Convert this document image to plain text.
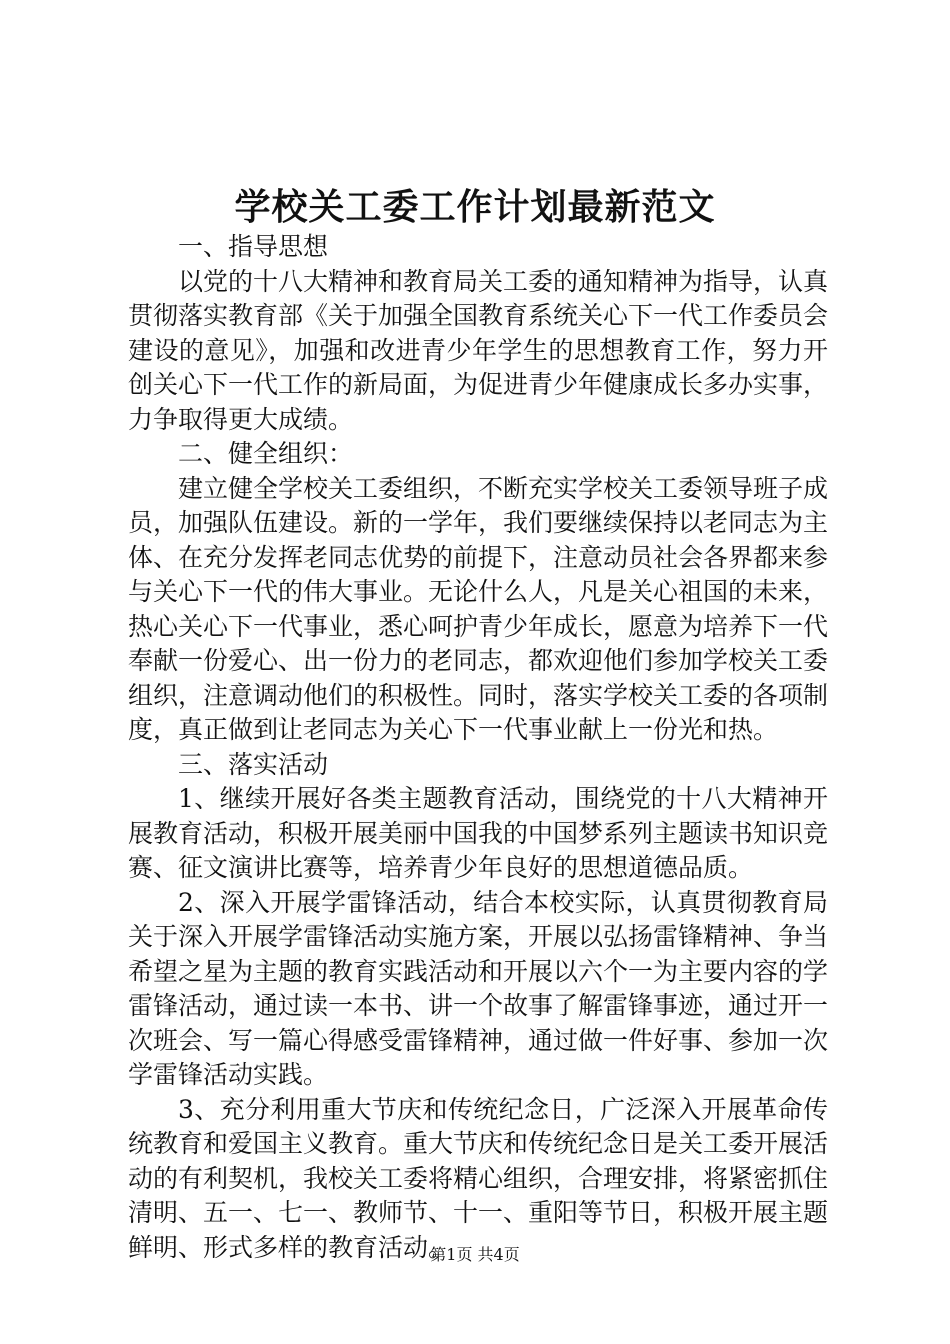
学校关工委工作计划最新范文

一、指导思想

以党的十八大精神和教育局关工委的通知精神为指导，认真贯彻落实教育部《关于加强全国教育系统关心下一代工作委员会建设的意见》，加强和改进青少年学生的思想教育工作，努力开创关心下一代工作的新局面，为促进青少年健康成长多办实事，力争取得更大成绩。

二、健全组织：

建立健全学校关工委组织，不断充实学校关工委领导班子成员，加强队伍建设。新的一学年，我们要继续保持以老同志为主体、在充分发挥老同志优势的前提下，注意动员社会各界都来参与关心下一代的伟大事业。无论什么人，凡是关心祖国的未来，热心关心下一代事业，悉心呵护青少年成长，愿意为培养下一代奉献一份爱心、出一份力的老同志，都欢迎他们参加学校关工委组织，注意调动他们的积极性。同时，落实学校关工委的各项制度，真正做到让老同志为关心下一代事业献上一份光和热。

三、落实活动

1、继续开展好各类主题教育活动，围绕党的十八大精神开展教育活动，积极开展美丽中国我的中国梦系列主题读书知识竞赛、征文演讲比赛等，培养青少年良好的思想道德品质。

2、深入开展学雷锋活动，结合本校实际，认真贯彻教育局关于深入开展学雷锋活动实施方案，开展以弘扬雷锋精神、争当希望之星为主题的教育实践活动和开展以六个一为主要内容的学雷锋活动，通过读一本书、讲一个故事了解雷锋事迹，通过开一次班会、写一篇心得感受雷锋精神，通过做一件好事、参加一次学雷锋活动实践。

3、充分利用重大节庆和传统纪念日，广泛深入开展革命传统教育和爱国主义教育。重大节庆和传统纪念日是关工委开展活动的有利契机，我校关工委将精心组织，合理安排，将紧密抓住清明、五一、七一、教师节、十一、重阳等节日，积极开展主题鲜明、形式多样的教育活动。

第1页 共4页
